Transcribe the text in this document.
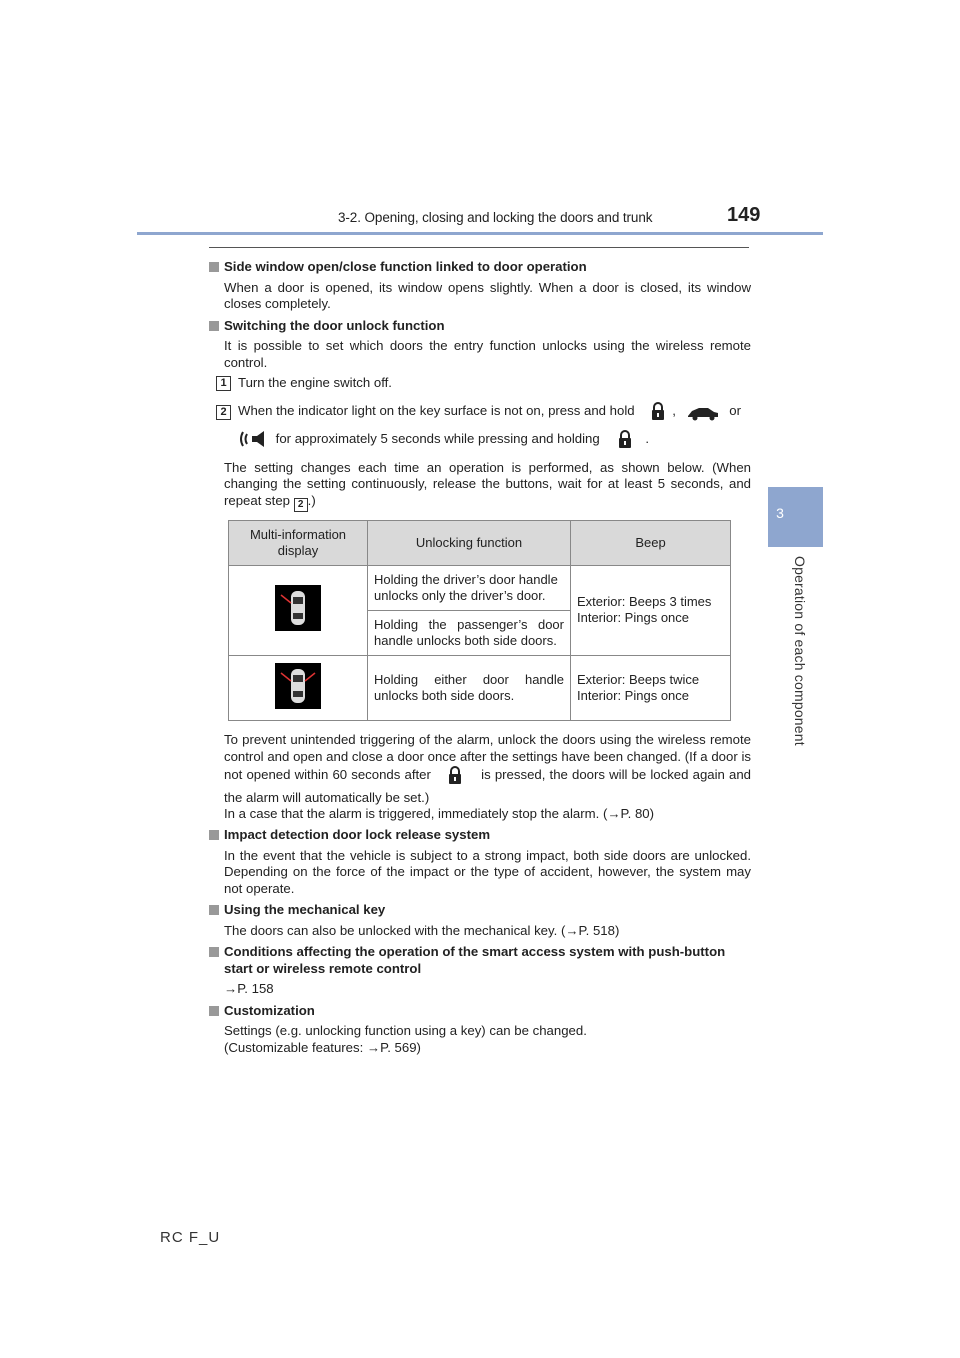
3-2. Opening, closing and locking the doors and trunk	149
3
Operation of each component

Side window open/close function linked to door operation

When a door is opened, its window opens slightly. When a door is closed, its window closes completely.

Switching the door unlock function

It is possible to set which doors the entry function unlocks using the wireless remote control.

1 Turn the engine switch off.
2 When the indicator light on the key surface is not on, press and hold	,	or
for approximately 5 seconds while pressing and holding	.

The setting changes each time an operation is performed, as shown below. (When changing the setting continuously, release the buttons, wait for at least 5 seconds, and repeat step 2 .)

Multi-information display	Unlocking function	Beep
	Holding the driver’s door handle unlocks only the driver’s door.	Exterior: Beeps 3 times
Interior: Pings once

	Holding the passenger’s door handle unlocks both side doors.	
	Holding either door handle unlocks both side doors.	Exterior: Beeps twice
Interior: Pings once

To prevent unintended triggering of the alarm, unlock the doors using the wireless remote control and open and close a door once after the settings have been changed. (If a door is not opened within 60 seconds after	is pressed, the doors will be locked again and the alarm will automatically be set.)

In a case that the alarm is triggered, immediately stop the alarm. (→P. 80)

Impact detection door lock release system

In the event that the vehicle is subject to a strong impact, both side doors are unlocked. Depending on the force of the impact or the type of accident, however, the system may not operate.

Using the mechanical key

The doors can also be unlocked with the mechanical key. (→P. 518)

Conditions affecting the operation of the smart access system with push-button start or wireless remote control

→P. 158

Customization

Settings (e.g. unlocking function using a key) can be changed.

(Customizable features: →P. 569)

RC F_U
